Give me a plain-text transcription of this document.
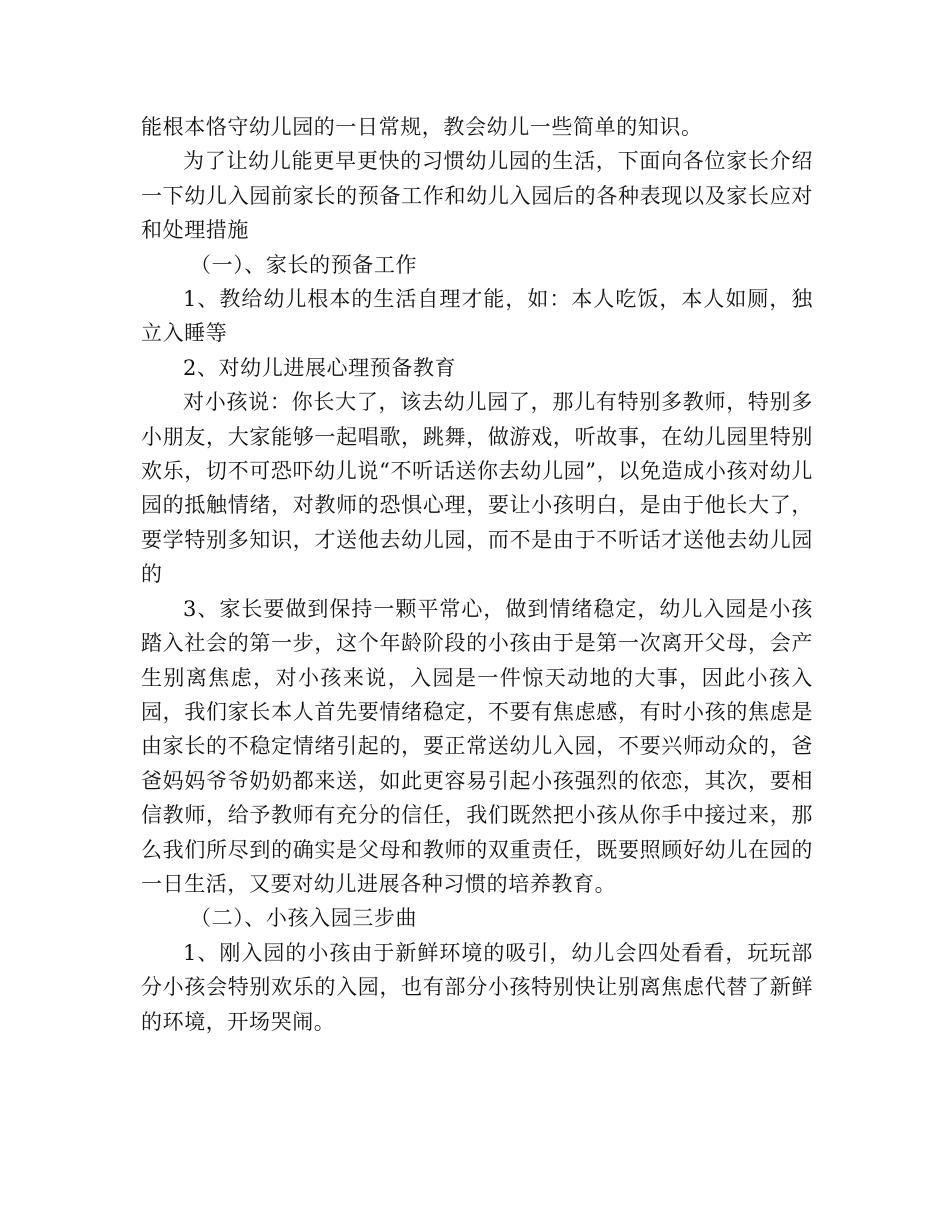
能根本恪守幼儿园的一日常规，教会幼儿一些简单的知识。

为了让幼儿能更早更快的习惯幼儿园的生活，下面向各位家长介绍一下幼儿入园前家长的预备工作和幼儿入园后的各种表现以及家长应对和处理措施

（一）、家长的预备工作

1、教给幼儿根本的生活自理才能，如：本人吃饭，本人如厕，独立入睡等

2、对幼儿进展心理预备教育

对小孩说：你长大了，该去幼儿园了，那儿有特别多教师，特别多小朋友，大家能够一起唱歌，跳舞，做游戏，听故事，在幼儿园里特别欢乐，切不可恐吓幼儿说“不听话送你去幼儿园”，以免造成小孩对幼儿园的抵触情绪，对教师的恐惧心理，要让小孩明白，是由于他长大了，要学特别多知识，才送他去幼儿园，而不是由于不听话才送他去幼儿园的

3、家长要做到保持一颗平常心，做到情绪稳定，幼儿入园是小孩踏入社会的第一步，这个年龄阶段的小孩由于是第一次离开父母，会产生别离焦虑，对小孩来说，入园是一件惊天动地的大事，因此小孩入园，我们家长本人首先要情绪稳定，不要有焦虑感，有时小孩的焦虑是由家长的不稳定情绪引起的，要正常送幼儿入园，不要兴师动众的，爸爸妈妈爷爷奶奶都来送，如此更容易引起小孩强烈的依恋，其次，要相信教师，给予教师有充分的信任，我们既然把小孩从你手中接过来，那么我们所尽到的确实是父母和教师的双重责任，既要照顾好幼儿在园的一日生活，又要对幼儿进展各种习惯的培养教育。

（二）、小孩入园三步曲

1、刚入园的小孩由于新鲜环境的吸引，幼儿会四处看看，玩玩部分小孩会特别欢乐的入园，也有部分小孩特别快让别离焦虑代替了新鲜的环境，开场哭闹。
